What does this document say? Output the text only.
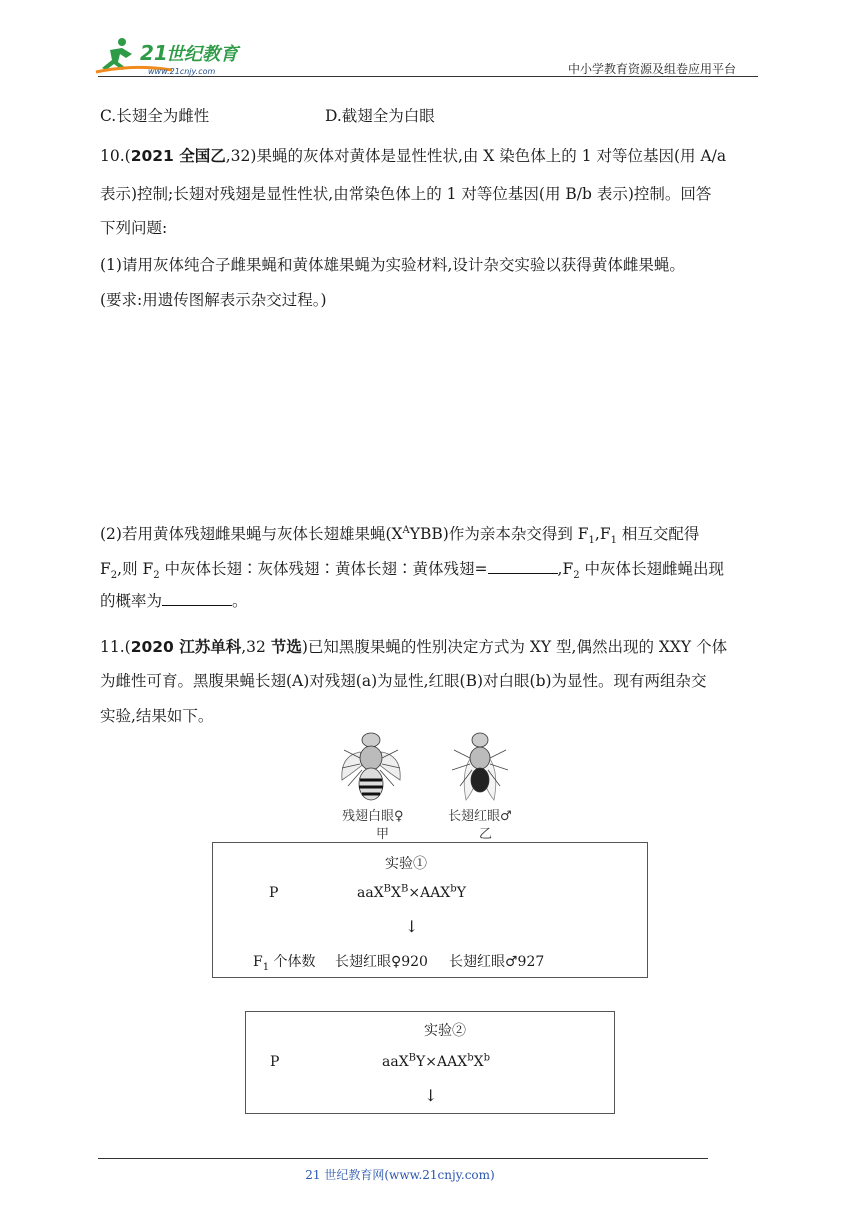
21
世纪教育
www.21cnjy.com	中小学教育资源及组卷应用平台
C.长翅全为雌性	D.截翅全为白眼
10.(2021 全国乙,32)果蝇的灰体对黄体是显性性状,由 X 染色体上的 1 对等位基因(用 A/a
表示)控制;长翅对残翅是显性性状,由常染色体上的 1 对等位基因(用 B/b 表示)控制。回答
下列问题:
(1)请用灰体纯合子雌果蝇和黄体雄果蝇为实验材料,设计杂交实验以获得黄体雌果蝇。
(要求:用遗传图解表示杂交过程。)
(2)若用黄体残翅雌果蝇与灰体长翅雄果蝇$(X^AYBB)$作为亲本杂交得到 $F_1,F_1$ 相互交配得
$F_2$,则 $F_2$ 中灰体长翅∶灰体残翅∶黄体长翅∶黄体残翅=	$,F_2$ 中灰体长翅雌蝇出现
的概率为	。
11.(2020 江苏单科,32 节选)已知黑腹果蝇的性别决定方式为 XY 型,偶然出现的 XXY 个体
为雌性可育。黑腹果蝇长翅(A)对残翅(a)为显性,红眼(B)对白眼(b)为显性。现有两组杂交
实验,结果如下。
残翅白眼♀
甲
长翅红眼♂
乙
实验①
P	$aaX^BX^B\times AAX^bY$
↓
$F_1$ 个体数 长翅红眼♀920 长翅红眼♂927
实验②
P	$aaX^BY\times AAX^bX^b$
↓
21 世纪教育网(www.21cnjy.com)
